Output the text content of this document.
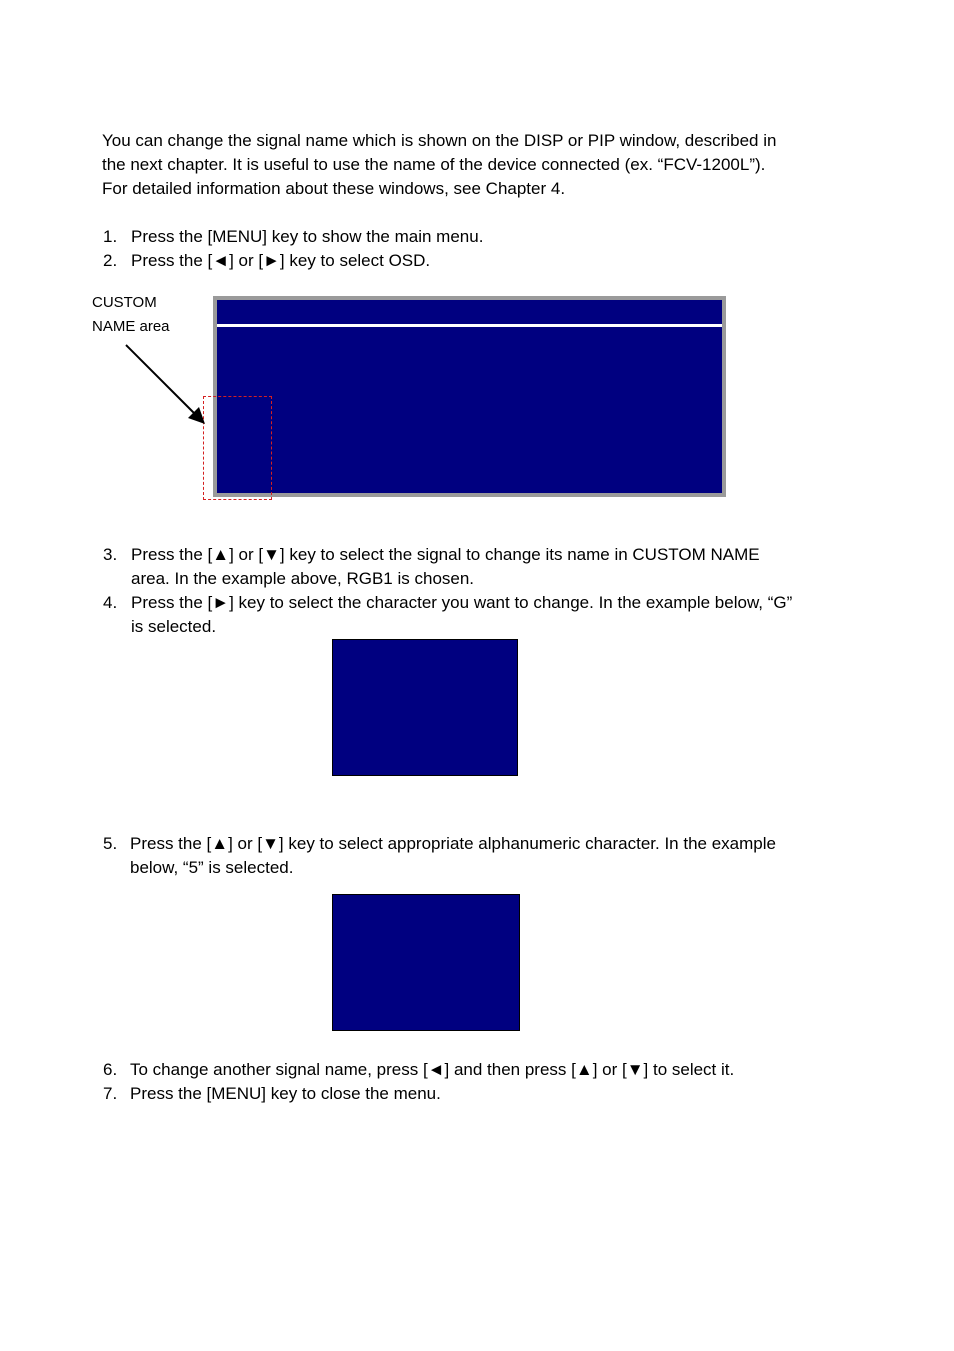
You can change the signal name which is shown on the DISP or PIP window, described in
the next chapter. It is useful to use the name of the device connected (ex. “FCV-1200L”).
For detailed information about these windows, see Chapter 4.
1. Press the [MENU] key to show the main menu.
2. Press the [◄] or [►] key to select OSD.
CUSTOM
NAME area
3. Press the [▲] or [▼] key to select the signal to change its name in CUSTOM NAME
area. In the example above, RGB1 is chosen.
4. Press the [►] key to select the character you want to change. In the example below, “G”
is selected.
5. Press the [▲] or [▼] key to select appropriate alphanumeric character. In the example
below, “5” is selected.
6. To change another signal name, press [◄] and then press [▲] or [▼] to select it.
7. Press the [MENU] key to close the menu.
